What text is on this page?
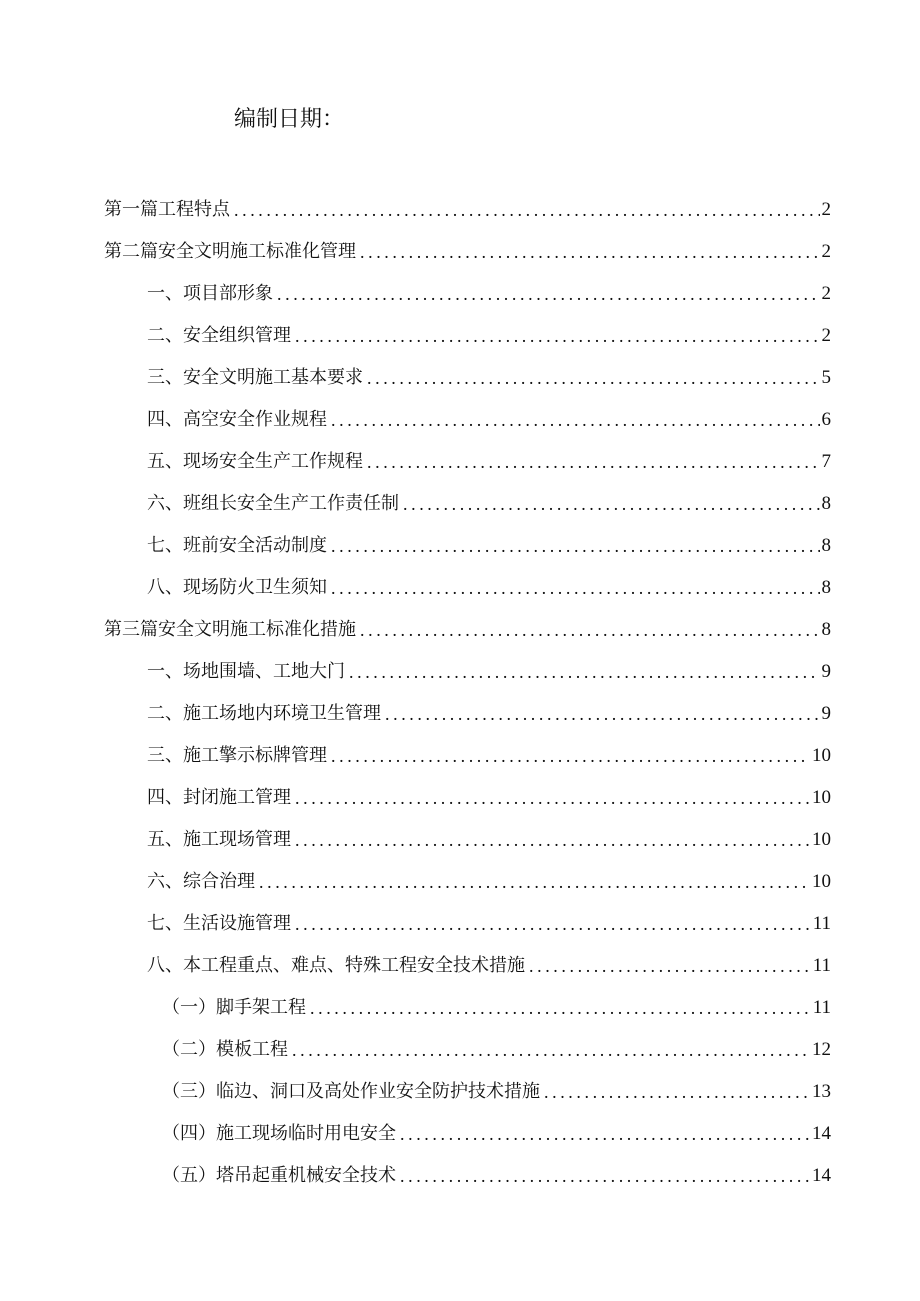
编制日期：
第一篇工程特点 .....	2
第二篇安全文明施工标准化管理 .....	2
一、项目部形象 .....	2
二、安全组织管理 .....	2
三、安全文明施工基本要求 .....	5
四、高空安全作业规程 .....	6
五、现场安全生产工作规程 .....	7
六、班组长安全生产工作责任制 .....	8
七、班前安全活动制度 .....	8
八、现场防火卫生须知 .....	8
第三篇安全文明施工标准化措施 .....	8
一、场地围墙、工地大门 .....	9
二、施工场地内环境卫生管理 .....	9
三、施工擎示标牌管理 .....	10
四、封闭施工管理 .....	10
五、施工现场管理 .....	10
六、综合治理 .....	10
七、生活设施管理 .....	11
八、本工程重点、难点、特殊工程安全技术措施 .....	11
（一）脚手架工程 .....	11
（二）模板工程 .....	12
（三）临边、洞口及高处作业安全防护技术措施 .....	13
（四）施工现场临时用电安全 .....	14
（五）塔吊起重机械安全技术 .....	14
